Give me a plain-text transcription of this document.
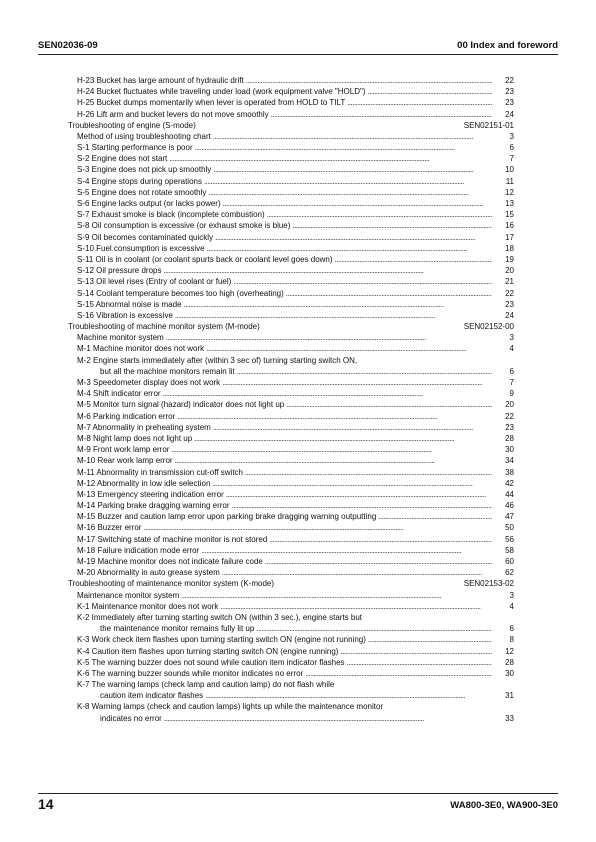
SEN02036-09	00 Index and foreword
H-23 Bucket has large amount of hydraulic drift . . .	22
H-24 Bucket fluctuates while traveling under load (work equipment valve "HOLD") . . .	23
H-25 Bucket dumps momentarily when lever is operated from HOLD to TILT . . .	23
H-26 Lift arm and bucket levers do not move smoothly . . .	24
Troubleshooting of engine (S-mode)	SEN02151-01
Method of using troubleshooting chart . . .	3
S-1 Starting performance is poor . . .	6
S-2 Engine does not start . . .	7
S-3 Engine does not pick up smoothly . . .	10
S-4 Engine stops during operations . . .	11
S-5 Engine does not rotate smoothly . . .	12
S-6 Engine lacks output (or lacks power) . . .	13
S-7 Exhaust smoke is black (incomplete combustion) . . .	15
S-8 Oil consumption is excessive (or exhaust smoke is blue) . . .	16
S-9 Oil becomes contaminated quickly . . .	17
S-10 Fuel consumption is excessive . . .	18
S-11 Oil is in coolant (or coolant spurts back or coolant level goes down) . . .	19
S-12 Oil pressure drops . . .	20
S-13 Oil level rises (Entry of coolant or fuel) . . .	21
S-14 Coolant temperature becomes too high (overheating) . . .	22
S-15 Abnormal noise is made . . .	23
S-16 Vibration is excessive . . .	24
Troubleshooting of machine monitor system (M-mode)	SEN02152-00
Machine monitor system . . .	3
M-1 Machine monitor does not work . . .	4
M-2 Engine starts immediately after (within 3 sec of) turning starting switch ON,
but all the machine monitors remain lit . . .	6
M-3 Speedometer display does not work . . .	7
M-4 Shift indicator error . . .	9
M-5 Monitor turn signal (hazard) indicator does not light up . . .	20
M-6 Parking indication error . . .	22
M-7 Abnormality in preheating system . . .	23
M-8 Night lamp does not light up . . .	28
M-9 Front work lamp error . . .	30
M-10 Rear work lamp error . . .	34
M-11 Abnormality in transmission cut-off switch . . .	38
M-12 Abnormality in low idle selection . . .	42
M-13 Emergency steering indication error . . .	44
M-14 Parking brake dragging warning error . . .	46
M-15 Buzzer and caution lamp error upon parking brake dragging warning outputting . . .	47
M-16 Buzzer error . . .	50
M-17 Switching state of machine monitor is not stored . . .	56
M-18 Failure indication mode error . . .	58
M-19 Machine monitor does not indicate failure code . . .	60
M-20 Abnormality in auto grease system . . .	62
Troubleshooting of maintenance monitor system (K-mode)	SEN02153-02
Maintenance monitor system . . .	3
K-1 Maintenance monitor does not work . . .	4
K-2 Immediately after turning starting switch ON (within 3 sec.), engine starts but
the maintenance monitor remains fully lit up . . .	6
K-3 Work check item flashes upon turning starting switch ON (engine not running) . . .	8
K-4 Caution item flashes upon turning starting switch ON (engine running) . . .	12
K-5 The warning buzzer does not sound while caution item indicator flashes . . .	28
K-6 The warning buzzer sounds while monitor indicates no error . . .	30
K-7 The warning lamps (check lamp and caution lamp) do not flash while
caution item indicator flashes . . .	31
K-8 Warning lamps (check and caution lamps) lights up while the maintenance monitor
indicates no error . . .	33
14	WA800-3E0, WA900-3E0
